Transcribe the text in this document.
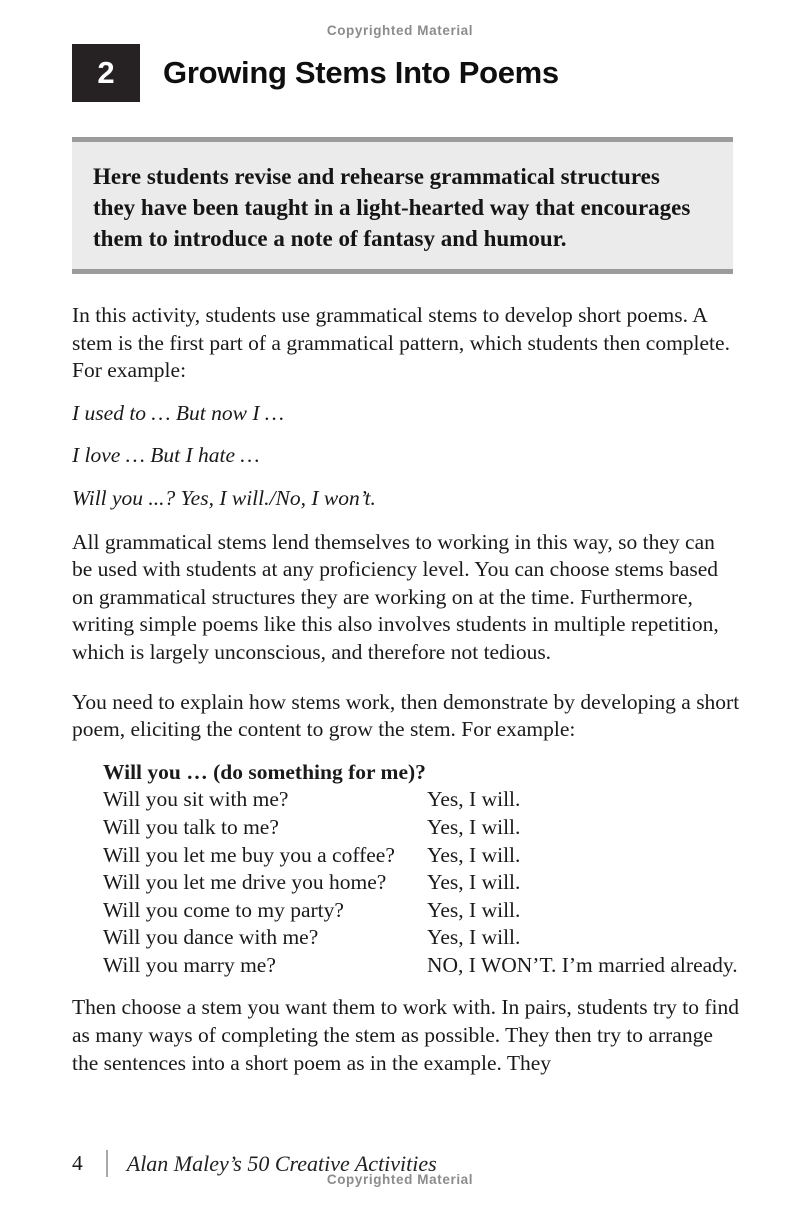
Copyrighted Material
2	Growing Stems Into Poems

Here students revise and rehearse grammatical structures they have been taught in a light-hearted way that encourages them to introduce a note of fantasy and humour.

In this activity, students use grammatical stems to develop short poems. A stem is the first part of a grammatical pattern, which students then complete. For example:

I used to … But now I …

I love … But I hate …

Will you ...? Yes, I will./No, I won’t.

All grammatical stems lend themselves to working in this way, so they can be used with students at any proficiency level. You can choose stems based on grammatical structures they are working on at the time. Furthermore, writing simple poems like this also involves students in multiple repetition, which is largely unconscious, and therefore not tedious.

You need to explain how stems work, then demonstrate by developing a short poem, eliciting the content to grow the stem. For example:

Will you … (do something for me)?
Will you sit with me?	Yes, I will.
Will you talk to me?	Yes, I will.
Will you let me buy you a coffee?	Yes, I will.
Will you let me drive you home?	Yes, I will.
Will you come to my party?	Yes, I will.
Will you dance with me?	Yes, I will.
Will you marry me?	NO, I WON’T. I’m married already.

Then choose a stem you want them to work with. In pairs, students try to find as many ways of completing the stem as possible. They then try to arrange the sentences into a short poem as in the example. They

4 Alan Maley’s 50 Creative Activities
Copyrighted Material
